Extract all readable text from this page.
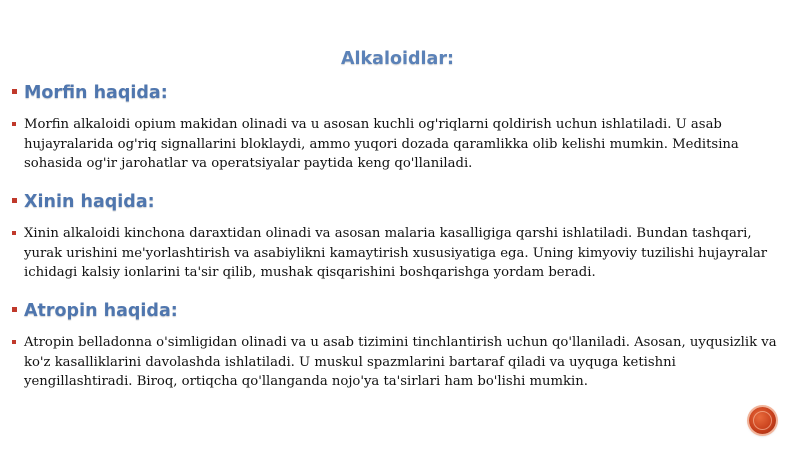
Alkaloidlar:
Morfin haqida:
Morfin alkaloidi opium makidan olinadi va u asosan kuchli og'riqlarni qoldirish uchun ishlatiladi. U asab hujayralarida og'riq signallarini bloklaydi, ammo yuqori dozada qaramlikka olib kelishi mumkin. Meditsina sohasida og'ir jarohatlar va operatsiyalar paytida keng qo'llaniladi.
Xinin haqida:
Xinin alkaloidi kinchona daraxtidan olinadi va asosan malaria kasalligiga qarshi ishlatiladi. Bundan tashqari, yurak urishini me'yorlashtirish va asabiylikni kamaytirish xususiyatiga ega. Uning kimyoviy tuzilishi hujayralar ichidagi kalsiy ionlarini ta'sir qilib, mushak qisqarishini boshqarishga yordam beradi.
Atropin haqida:
Atropin belladonna o'simligidan olinadi va u asab tizimini tinchlantirish uchun qo'llaniladi. Asosan, uyqusizlik va ko'z kasalliklarini davolashda ishlatiladi. U muskul spazmlarini bartaraf qiladi va uyquga ketishni yengillashtiradi. Biroq, ortiqcha qo'llanganda nojo'ya ta'sirlari ham bo'lishi mumkin.
